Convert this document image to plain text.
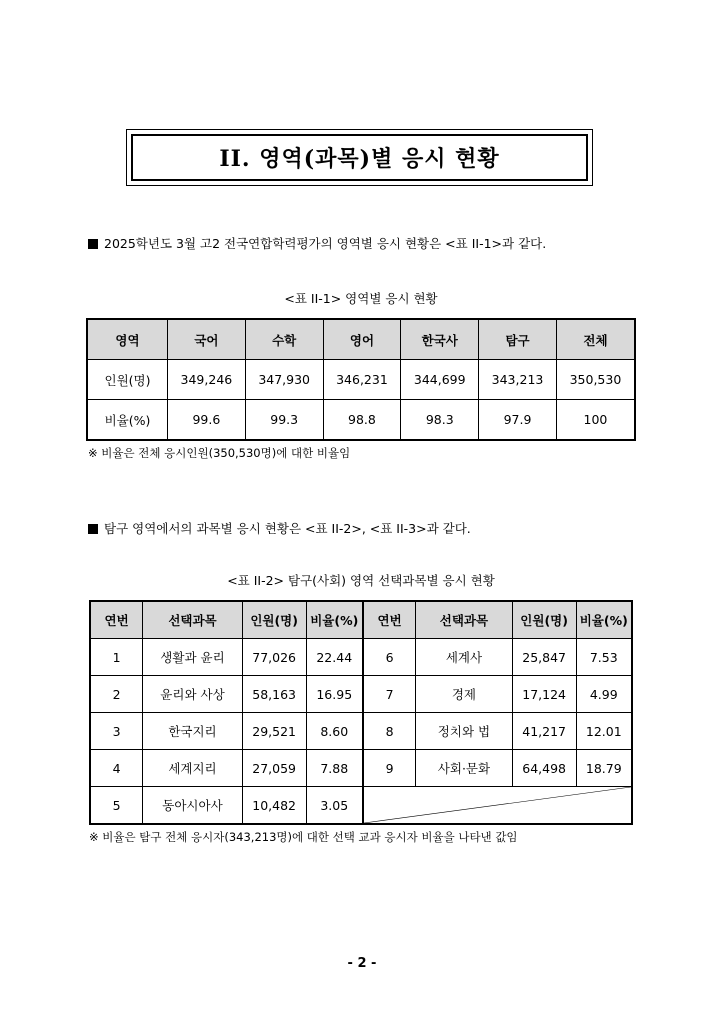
II. 영역(과목)별 응시 현황
2025학년도 3월 고2 전국연합학력평가의 영역별 응시 현황은 <표 II-1>과 같다.
<표 II-1> 영역별 응시 현황
영역	국어	수학	영어	한국사	탐구	전체
인원(명)	349,246	347,930	346,231	344,699	343,213	350,530
비율(%)	99.6	99.3	98.8	98.3	97.9	100
※ 비율은 전체 응시인원(350,530명)에 대한 비율임
탐구 영역에서의 과목별 응시 현황은 <표 II-2>, <표 II-3>과 같다.
<표 II-2> 탐구(사회) 영역 선택과목별 응시 현황
연번	선택과목	인원(명)	비율(%)	연번	선택과목	인원(명)	비율(%)
1	생활과 윤리	77,026	22.44	6	세계사	25,847	7.53
2	윤리와 사상	58,163	16.95	7	경제	17,124	4.99
3	한국지리	29,521	8.60	8	정치와 법	41,217	12.01
4	세계지리	27,059	7.88	9	사회·문화	64,498	18.79
5	동아시아사	10,482	3.05	
※ 비율은 탐구 전체 응시자(343,213명)에 대한 선택 교과 응시자 비율을 나타낸 값임
- 2 -
